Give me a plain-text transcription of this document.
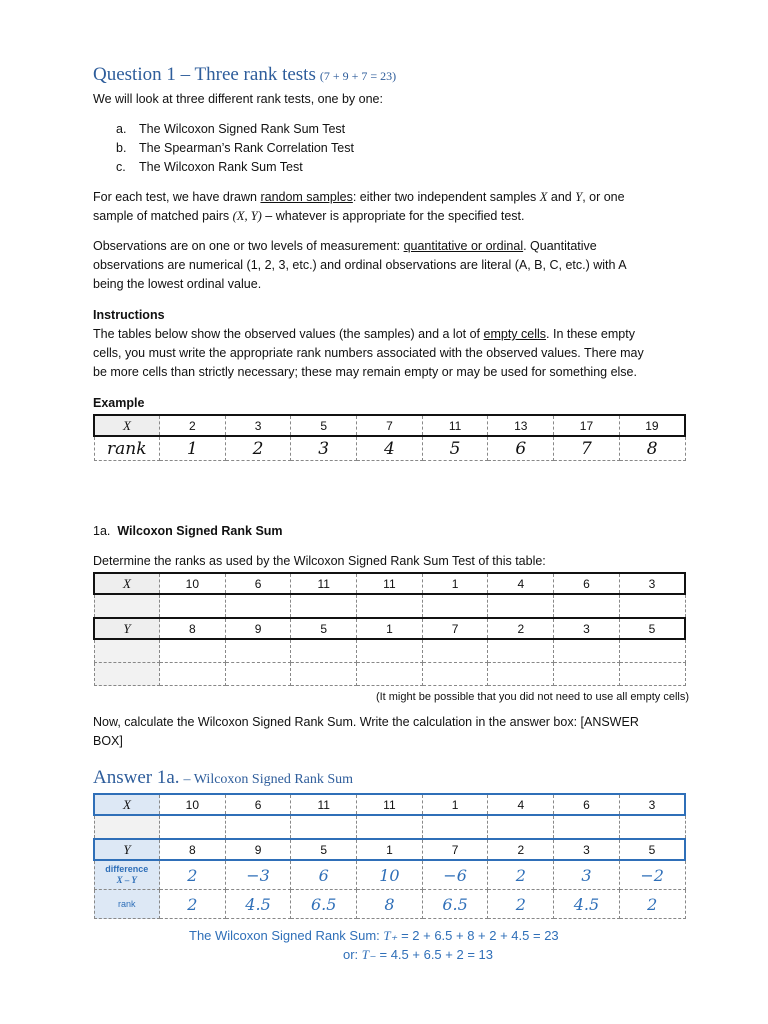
Question 1 – Three rank tests (7 + 9 + 7 = 23)

We will look at three different rank tests, one by one:

a. The Wilcoxon Signed Rank Sum Test
b. The Spearman’s Rank Correlation Test
c. The Wilcoxon Rank Sum Test

For each test, we have drawn random samples: either two independent samples X and Y, or one

sample of matched pairs (X, Y) – whatever is appropriate for the specified test.

Observations are on one or two levels of measurement: quantitative or ordinal. Quantitative

observations are numerical (1, 2, 3, etc.) and ordinal observations are literal (A, B, C, etc.) with A

being the lowest ordinal value.

Instructions

The tables below show the observed values (the samples) and a lot of empty cells. In these empty

cells, you must write the appropriate rank numbers associated with the observed values. There may

be more cells than strictly necessary; these may remain empty or may be used for something else.

Example

X	2	3	5	7	11	13	17	19
rank	1	2	3	4	5	6	7	8

1a. Wilcoxon Signed Rank Sum

Determine the ranks as used by the Wilcoxon Signed Rank Sum Test of this table:

X	10	6	11	11	1	4	6	3

Y	8	9	5	1	7	2	3	5

(It might be possible that you did not need to use all empty cells)

Now, calculate the Wilcoxon Signed Rank Sum. Write the calculation in the answer box: [ANSWER

BOX]

Answer 1a. – Wilcoxon Signed Rank Sum
X	10	6	11	11	1	4	6	3

Y	8	9	5	1	7	2	3	5
difference
X – Y	2	−3	6	10	−6	2	3	−2
rank	2	4.5	6.5	8	6.5	2	4.5	2

The Wilcoxon Signed Rank Sum: T₊ = 2 + 6.5 + 8 + 2 + 4.5 = 23

or: T₋ = 4.5 + 6.5 + 2 = 13
